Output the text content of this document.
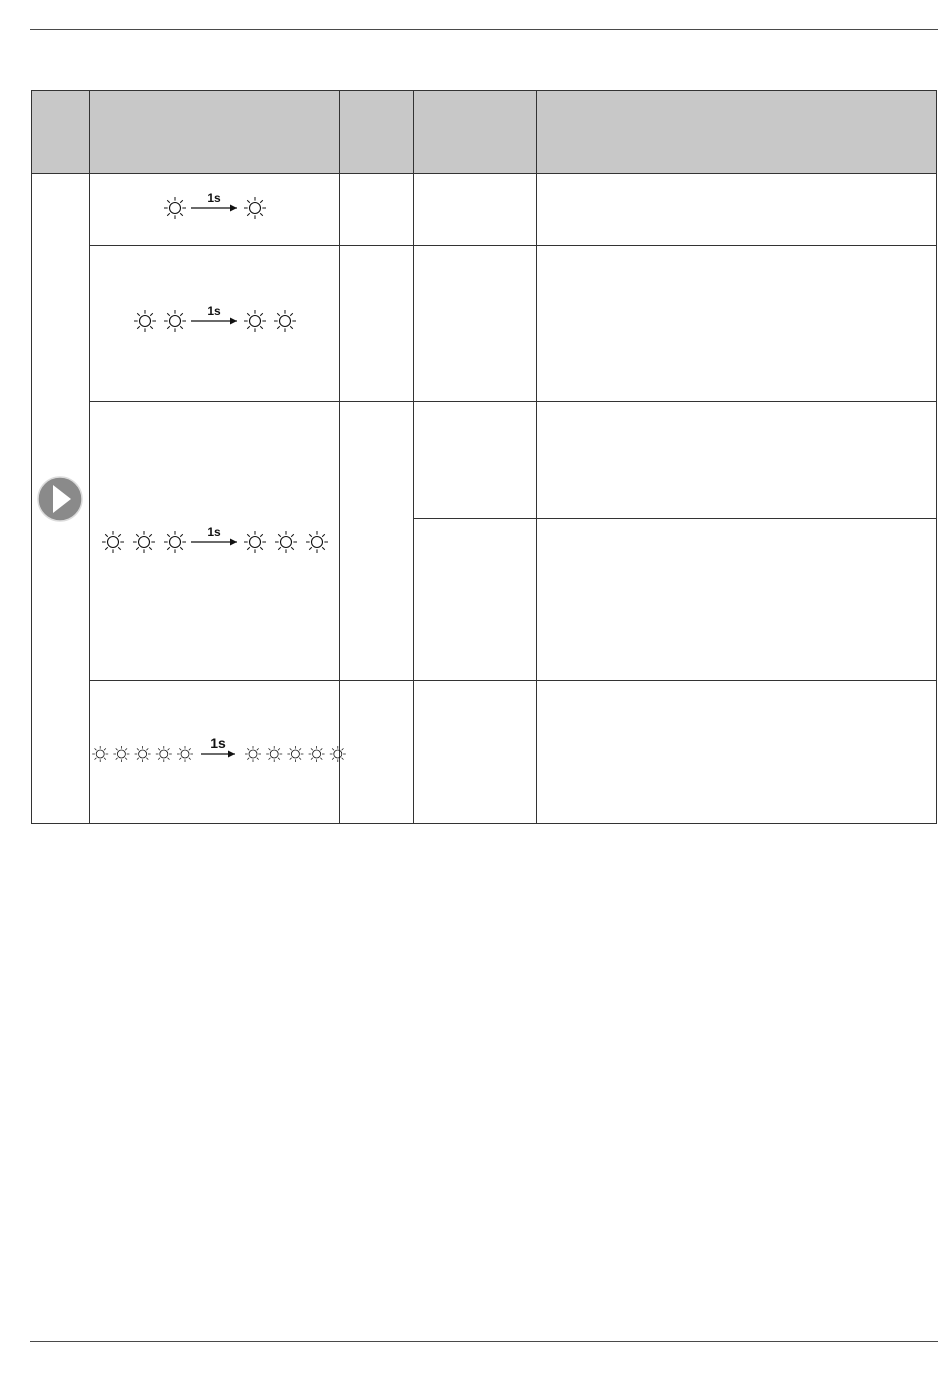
1s
1s
1s
1s
